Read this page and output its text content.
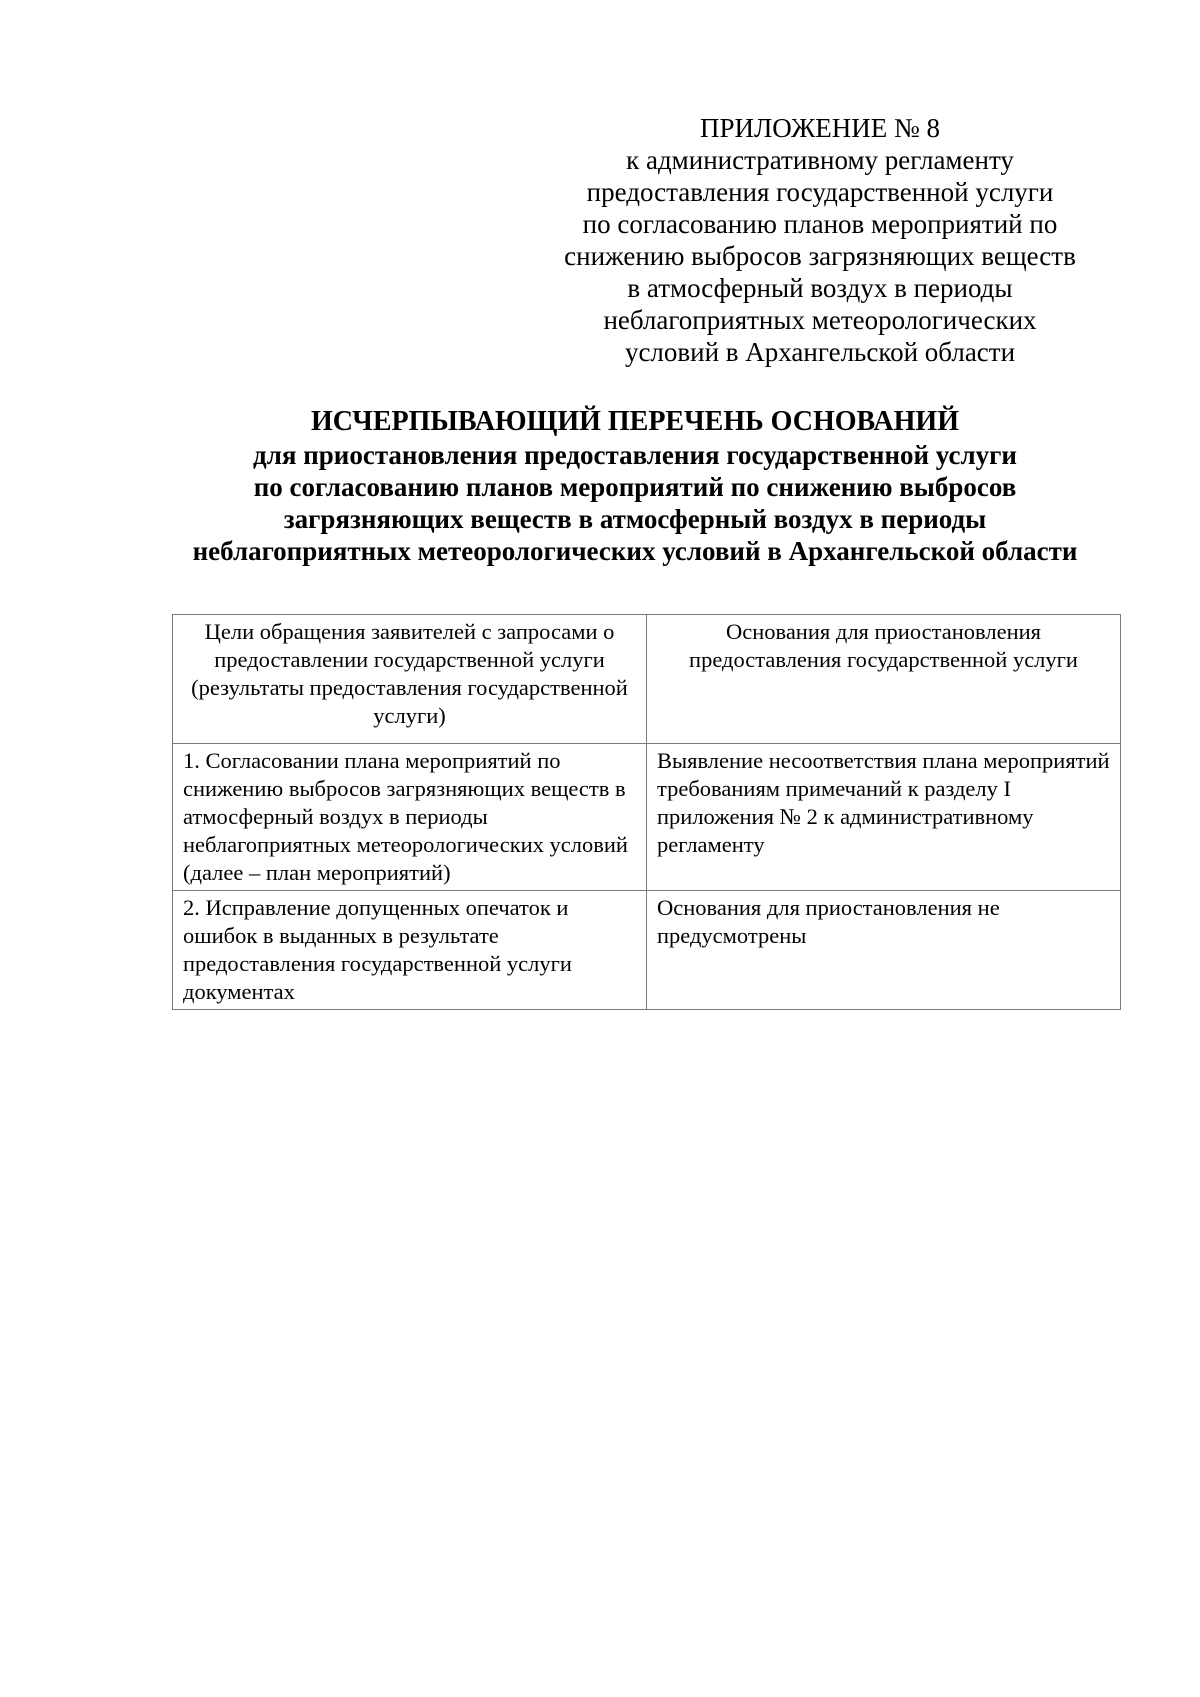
ПРИЛОЖЕНИЕ № 8
к административному регламенту
предоставления государственной услуги
по согласованию планов мероприятий по
снижению выбросов загрязняющих веществ
в атмосферный воздух в периоды
неблагоприятных метеорологических
условий в Архангельской области
ИСЧЕРПЫВАЮЩИЙ ПЕРЕЧЕНЬ ОСНОВАНИЙ
для приостановления предоставления государственной услуги
по согласованию планов мероприятий по снижению выбросов
загрязняющих веществ в атмосферный воздух в периоды
неблагоприятных метеорологических условий в Архангельской области
Цели обращения заявителей с запросами о предоставлении государственной услуги (результаты предоставления государственной услуги)	Основания для приостановления предоставления государственной услуги

1. Согласовании плана мероприятий по снижению выбросов загрязняющих веществ в атмосферный воздух в периоды неблагоприятных метеорологических условий (далее – план мероприятий)	Выявление несоответствия плана мероприятий требованиям примечаний к разделу I приложения № 2 к административному регламенту

2. Исправление допущенных опечаток и ошибок в выданных в результате предоставления государственной услуги документах	Основания для приостановления не предусмотрены
